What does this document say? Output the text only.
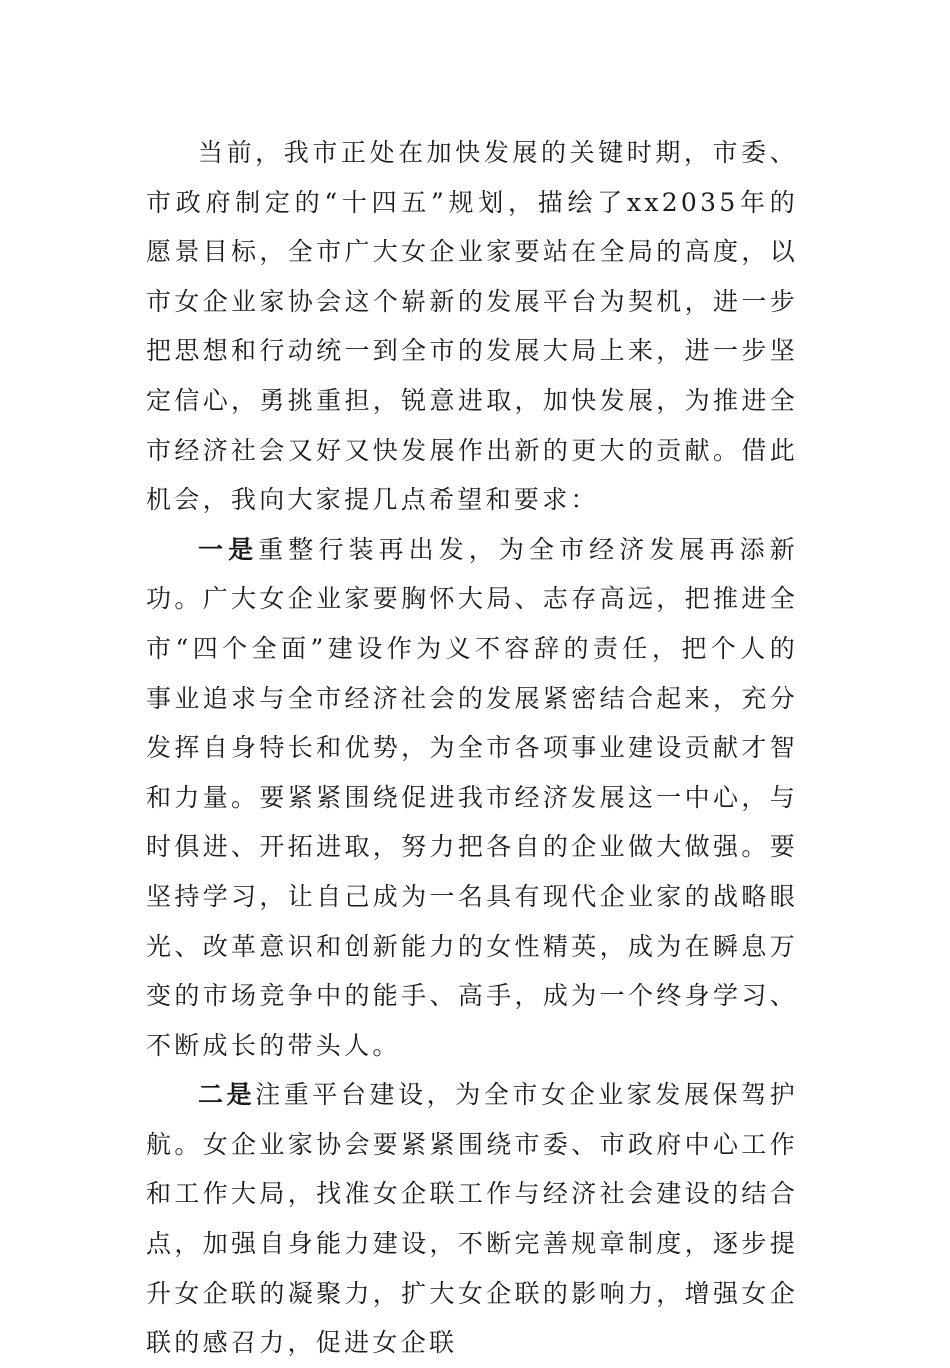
当前，我市正处在加快发展的关键时期，市委、市政府制定的“十四五”规划，描绘了xx2035年的愿景目标，全市广大女企业家要站在全局的高度，以市女企业家协会这个崭新的发展平台为契机，进一步把思想和行动统一到全市的发展大局上来，进一步坚定信心，勇挑重担，锐意进取，加快发展，为推进全市经济社会又好又快发展作出新的更大的贡献。借此机会，我向大家提几点希望和要求：

一是重整行装再出发，为全市经济发展再添新功。广大女企业家要胸怀大局、志存高远，把推进全市“四个全面”建设作为义不容辞的责任，把个人的事业追求与全市经济社会的发展紧密结合起来，充分发挥自身特长和优势，为全市各项事业建设贡献才智和力量。要紧紧围绕促进我市经济发展这一中心，与时俱进、开拓进取，努力把各自的企业做大做强。要坚持学习，让自己成为一名具有现代企业家的战略眼光、改革意识和创新能力的女性精英，成为在瞬息万变的市场竞争中的能手、高手，成为一个终身学习、不断成长的带头人。

二是注重平台建设，为全市女企业家发展保驾护航。女企业家协会要紧紧围绕市委、市政府中心工作和工作大局，找准女企联工作与经济社会建设的结合点，加强自身能力建设，不断完善规章制度，逐步提升女企联的凝聚力，扩大女企联的影响力，增强女企联的感召力，促进女企联
